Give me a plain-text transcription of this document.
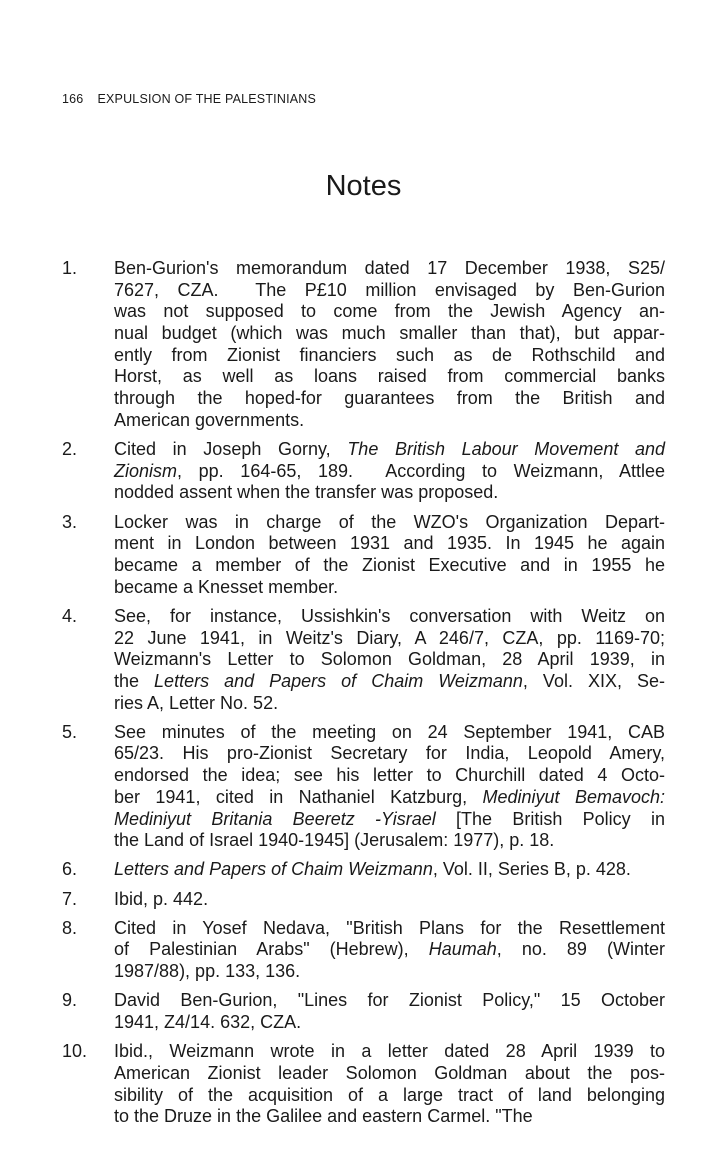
166 EXPULSION OF THE PALESTINIANS
Notes
1. Ben-Gurion's memorandum dated 17 December 1938, S25/
7627, CZA.  The P£10 million envisaged by Ben-Gurion
was not supposed to come from the Jewish Agency an-
nual budget (which was much smaller than that), but appar-
ently from Zionist financiers such as de Rothschild and
Horst, as well as loans raised from commercial banks
through the hoped-for guarantees from the British and
American governments.
2. Cited in Joseph Gorny, The British Labour Movement and
Zionism, pp. 164-65, 189.  According to Weizmann, Attlee
nodded assent when the transfer was proposed.
3. Locker was in charge of the WZO's Organization Depart-
ment in London between 1931 and 1935. In 1945 he again
became a member of the Zionist Executive and in 1955 he
became a Knesset member.
4. See, for instance, Ussishkin's conversation with Weitz on
22 June 1941, in Weitz's Diary, A 246/7, CZA, pp. 1169-70;
Weizmann's Letter to Solomon Goldman, 28 April 1939, in
the Letters and Papers of Chaim Weizmann, Vol. XIX, Se-
ries A, Letter No. 52.
5. See minutes of the meeting on 24 September 1941, CAB
65/23. His pro-Zionist Secretary for India, Leopold Amery,
endorsed the idea; see his letter to Churchill dated 4 Octo-
ber 1941, cited in Nathaniel Katzburg, Mediniyut Bemavoch:
Mediniyut Britania Beeretz -Yisrael [The British Policy in
the Land of Israel 1940-1945] (Jerusalem: 1977), p. 18.
6. Letters and Papers of Chaim Weizmann, Vol. II, Series B, p. 428.
7. Ibid, p. 442.
8. Cited in Yosef Nedava, "British Plans for the Resettlement
of Palestinian Arabs" (Hebrew), Haumah, no. 89 (Winter
1987/88), pp. 133, 136.
9. David Ben-Gurion, "Lines for Zionist Policy," 15 October
1941, Z4/14. 632, CZA.
10. Ibid., Weizmann wrote in a letter dated 28 April 1939 to
American Zionist leader Solomon Goldman about the pos-
sibility of the acquisition of a large tract of land belonging
to the Druze in the Galilee and eastern Carmel. "The
